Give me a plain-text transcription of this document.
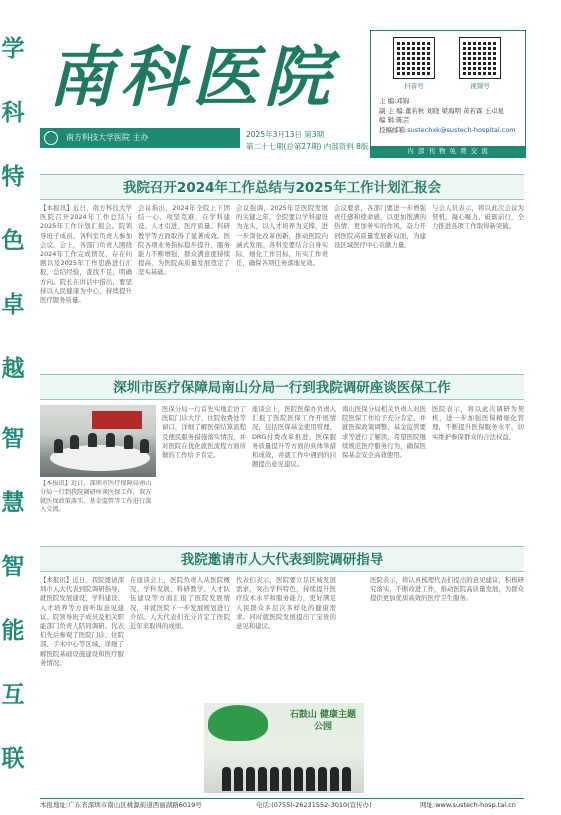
学
科
特
色
卓
越
智
慧
智
能
互
联
南科医院
南方科技大学医院 主办	2025年3月13日 第3期
第二十七期(总第27期) 内部资料 8版
抖音号	视频号
主 编:邓锦
副 主 编:董若秋 刘晓 梁海明 黄若霖 王卓星
编 辑:陈芸
投稿邮箱:sustechxk@sustech-hospital.com
内 部 刊 物 免 费 交 流
我院召开2024年工作总结与2025年工作计划汇报会
【本报讯】近日，南方科技大学医院召开2024年工作总结与2025年工作计划汇报会。院领导班子成员、各科室负责人参加会议。会上，各部门负责人围绕2024年工作完成情况、存在问题以及2025年工作思路进行汇报，总结经验，查找不足，明确方向。院长在讲话中指出，要坚持以人民健康为中心，持续提升医疗服务质量。
会议指出，2024年全院上下团结一心、攻坚克难，在学科建设、人才引进、医疗质量、科研教学等方面取得了显著成效。医院各项业务指标稳步提升，服务能力不断增强，群众满意度持续提高，为医院高质量发展奠定了坚实基础。
会议强调，2025年是医院发展的关键之年，全院要以学科建设为龙头，以人才培养为支撑，进一步深化改革创新，推动医院内涵式发展。各科室要结合自身实际，细化工作目标，压实工作责任，确保各项任务落地见效。
会议要求，各部门要进一步增强责任感和使命感，以更加饱满的热情、更加务实的作风，奋力开创医院高质量发展新局面，为建设区域医疗中心贡献力量。
与会人员表示，将以此次会议为契机，凝心聚力、砥砺前行，全力推进各项工作取得新突破。
深圳市医疗保障局南山分局一行到我院调研座谈医保工作
【本报讯】近日，深圳市医疗保障局南山分局一行到我院调研座谈医保工作，双方就医保政策落实、基金监管等工作进行深入交流。
医保分局一行首先实地走访了医院门诊大厅、住院收费处等窗口，详细了解医保结算流程及便民服务措施落实情况，并对医院在优化就医流程方面所做的工作给予肯定。
座谈会上，医院医保办负责人汇报了医院医保工作开展情况，包括医保基金使用管理、DRG付费改革推进、医保服务质量提升等方面的具体举措和成效，并就工作中遇到的问题提出意见建议。
南山医保分局相关负责人对医院医保工作给予充分肯定，并就医保政策调整、基金监管要求等进行了解读，希望医院继续规范医疗服务行为，确保医保基金安全高效使用。
医院表示，将以此次调研为契机，进一步加强医保精细化管理，不断提升医保服务水平，切实维护参保群众的合法权益。
我院邀请市人大代表到院调研指导
【本报讯】近日，我院邀请深圳市人大代表到院调研指导，就医院发展建设、学科建设、人才培养等方面听取意见建议。院领导班子成员及相关职能部门负责人陪同调研。代表们先后参观了医院门诊、住院部、手术中心等区域，详细了解医院基础设施建设和医疗服务情况。
在座谈会上，医院负责人从医院概况、学科发展、科研教学、人才队伍建设等方面汇报了医院发展情况，并就医院下一步发展规划进行介绍。人大代表们充分肯定了医院近年来取得的成绩。
代表们表示，医院要立足区域发展需求，突出学科特色，持续提升医疗技术水平和服务能力，更好满足人民群众多层次多样化的健康需求。同时就医院发展提出了宝贵的意见和建议。
医院表示，将认真梳理代表们提出的意见建议，积极研究落实，不断改进工作，推动医院高质量发展，为群众提供更加优质高效的医疗卫生服务。
石鼓山 健康主题公园
本报地址:广东省深圳市南山区桃源街道西丽湖路6019号	电话:(0755)-26231552-3010(宣传办)	网址:www.sustech-hosp.tal.cn
